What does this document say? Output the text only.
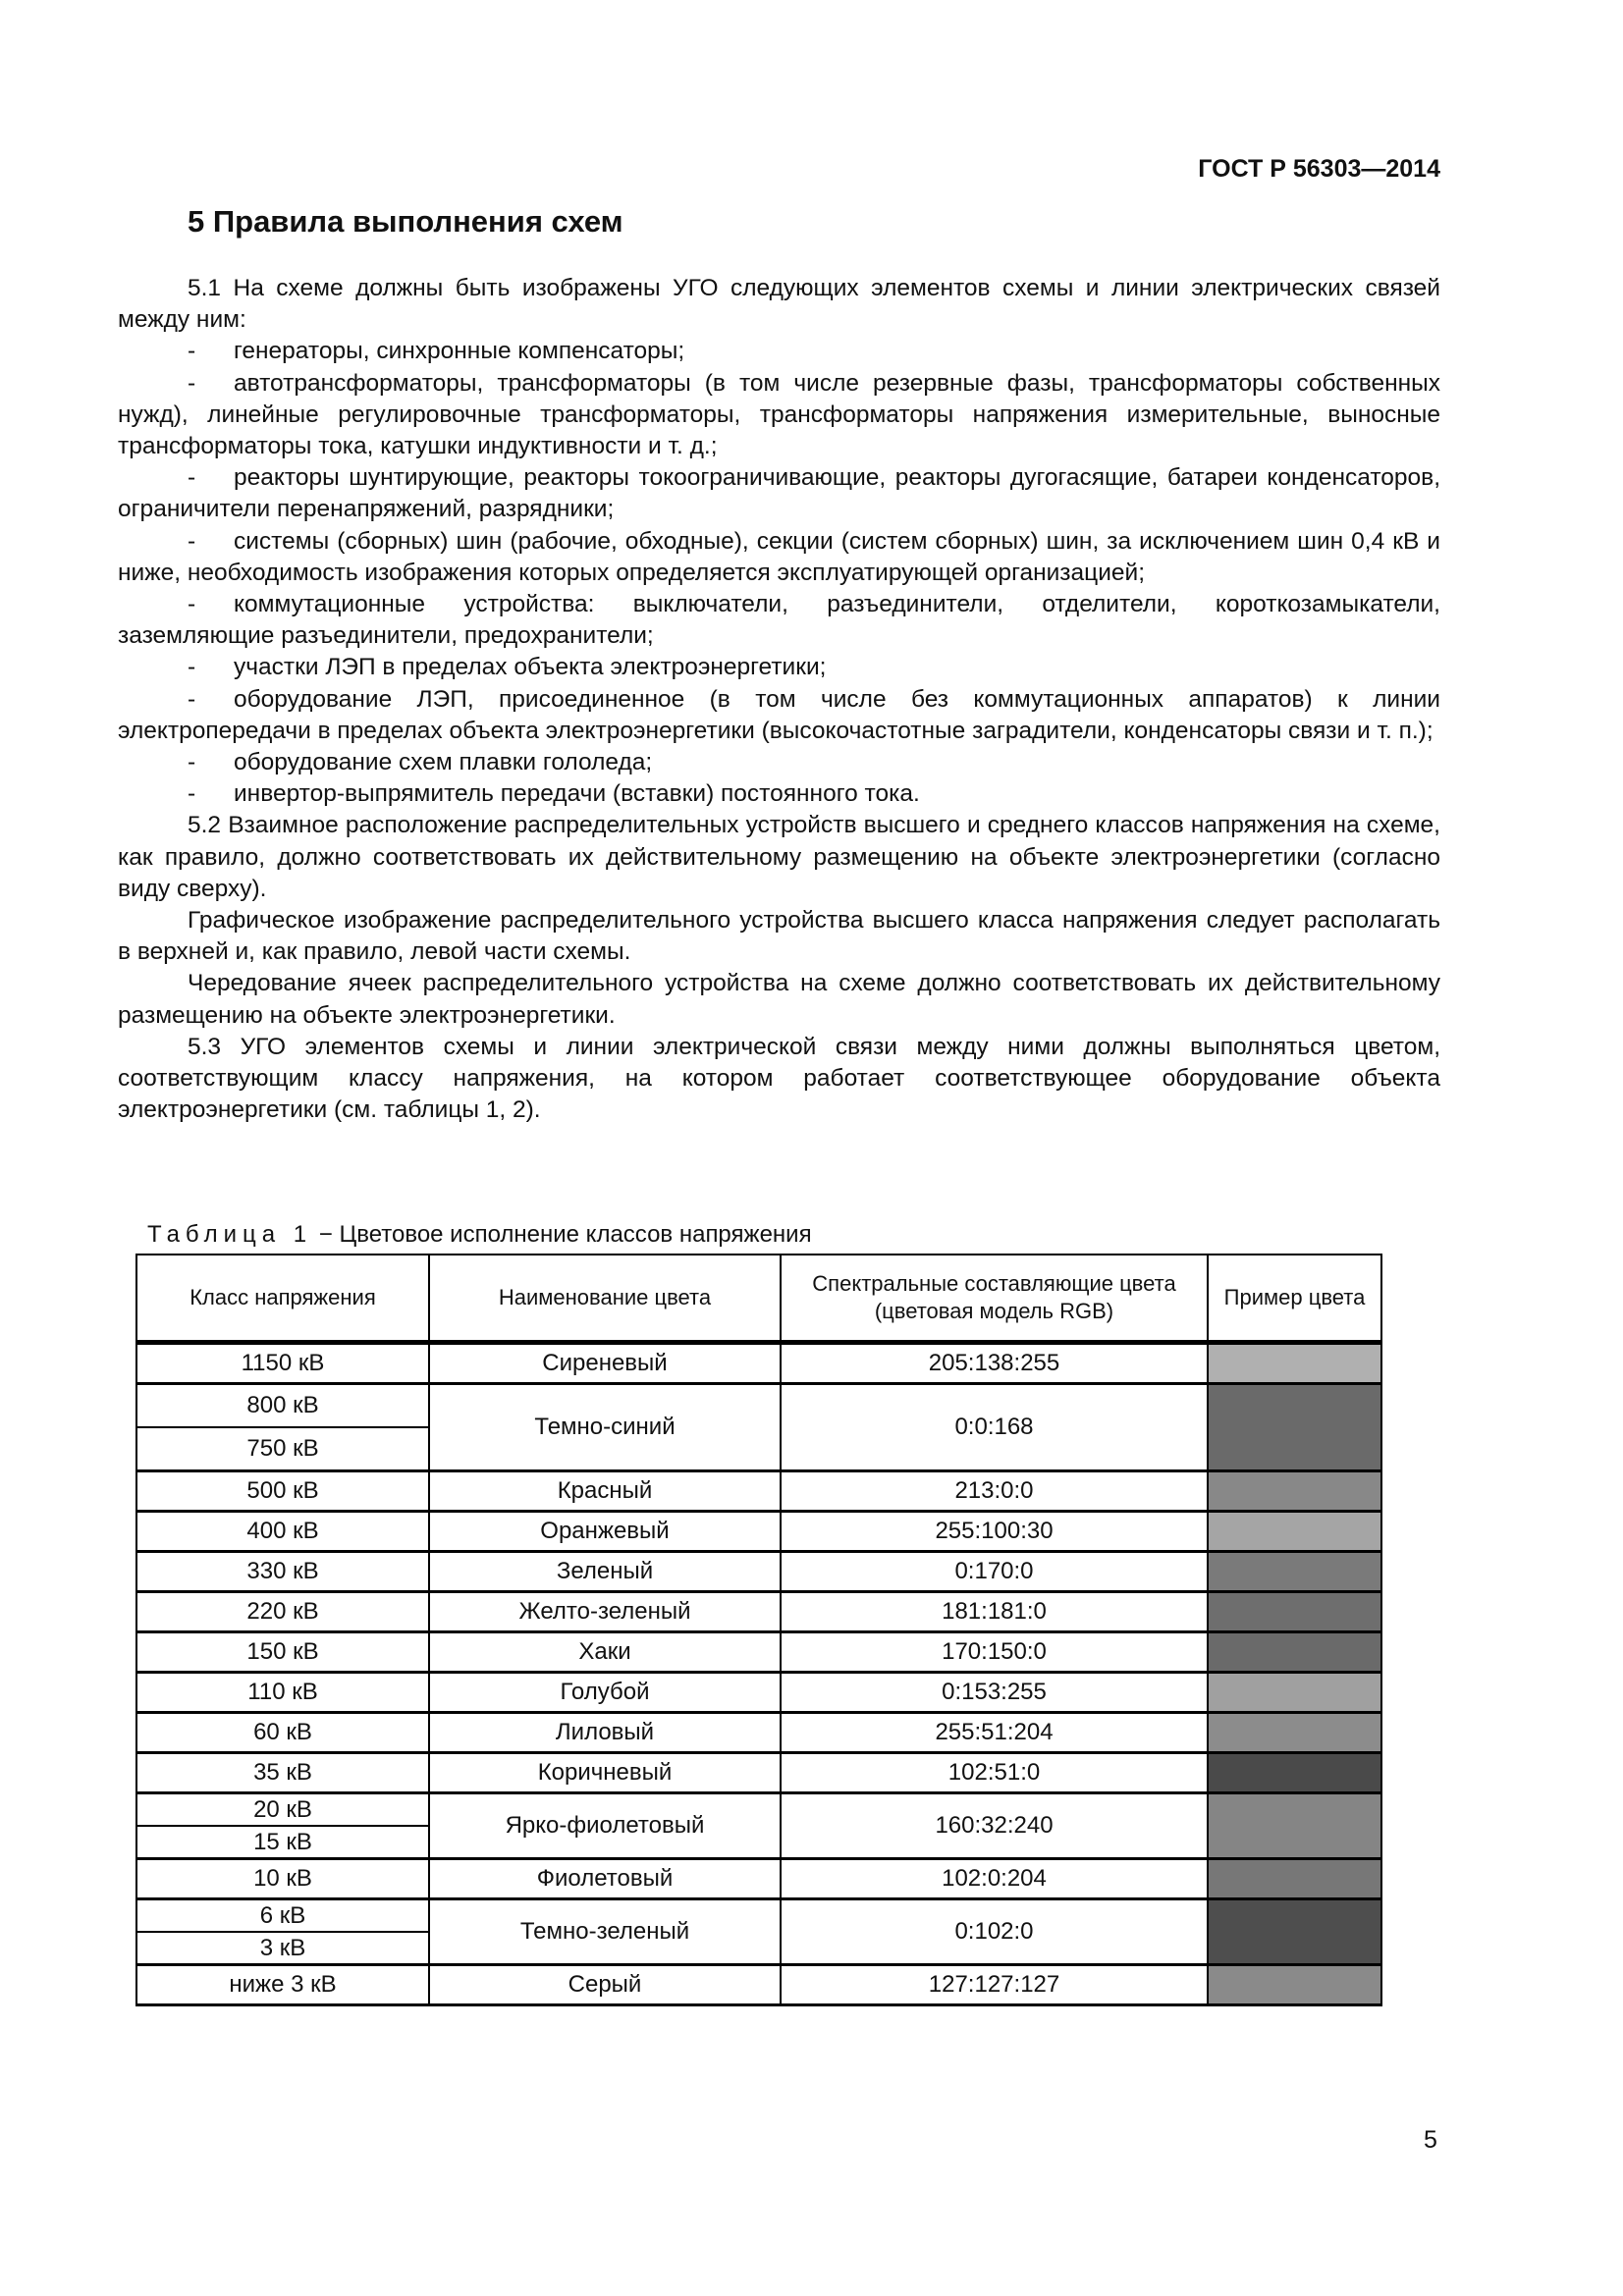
ГОСТ Р 56303—2014
5 Правила выполнения схем

5.1 На схеме должны быть изображены УГО следующих элементов схемы и линии электрических связей между ним:

- генераторы, синхронные компенсаторы;

- автотрансформаторы, трансформаторы (в том числе резервные фазы, трансформаторы собственных нужд), линейные регулировочные трансформаторы, трансформаторы напряжения измерительные, выносные трансформаторы тока, катушки индуктивности и т. д.;

- реакторы шунтирующие, реакторы токоограничивающие, реакторы дугогасящие, батареи конденсаторов, ограничители перенапряжений, разрядники;

- системы (сборных) шин (рабочие, обходные), секции (систем сборных) шин, за исключением шин 0,4 кВ и ниже, необходимость изображения которых определяется эксплуатирующей организацией;

- коммутационные устройства: выключатели, разъединители, отделители, короткозамыкатели, заземляющие разъединители, предохранители;

- участки ЛЭП в пределах объекта электроэнергетики;

- оборудование ЛЭП, присоединенное (в том числе без коммутационных аппаратов) к линии электропередачи в пределах объекта электроэнергетики (высокочастотные заградители, конденсаторы связи и т. п.);

- оборудование схем плавки гололеда;

- инвертор-выпрямитель передачи (вставки) постоянного тока.

5.2 Взаимное расположение распределительных устройств высшего и среднего классов напряжения на схеме, как правило, должно соответствовать их действительному размещению на объекте электроэнергетики (согласно виду сверху).

Графическое изображение распределительного устройства высшего класса напряжения следует располагать в верхней и, как правило, левой части схемы.

Чередование ячеек распределительного устройства на схеме должно соответствовать их действительному размещению на объекте электроэнергетики.

5.3 УГО элементов схемы и линии электрической связи между ними должны выполняться цветом, соответствующим классу напряжения, на котором работает соответствующее оборудование объекта электроэнергетики (см. таблицы 1, 2).

Таблица 1 − Цветовое исполнение классов напряжения
Класс напряжения	Наименование цвета	Спектральные составляющие цвета (цветовая модель RGB)	Пример цвета
1150 кВ	Сиреневый	205:138:255	
800 кВ	Темно-синий	0:0:168	
750 кВ			
500 кВ	Красный	213:0:0	
400 кВ	Оранжевый	255:100:30	
330 кВ	Зеленый	0:170:0	
220 кВ	Желто-зеленый	181:181:0	
150 кВ	Хаки	170:150:0	
110 кВ	Голубой	0:153:255	
60 кВ	Лиловый	255:51:204	
35 кВ	Коричневый	102:51:0	
20 кВ	Ярко-фиолетовый	160:32:240	
15 кВ			
10 кВ	Фиолетовый	102:0:204	
6 кВ	Темно-зеленый	0:102:0	
3 кВ			
ниже 3 кВ	Серый	127:127:127	
5
